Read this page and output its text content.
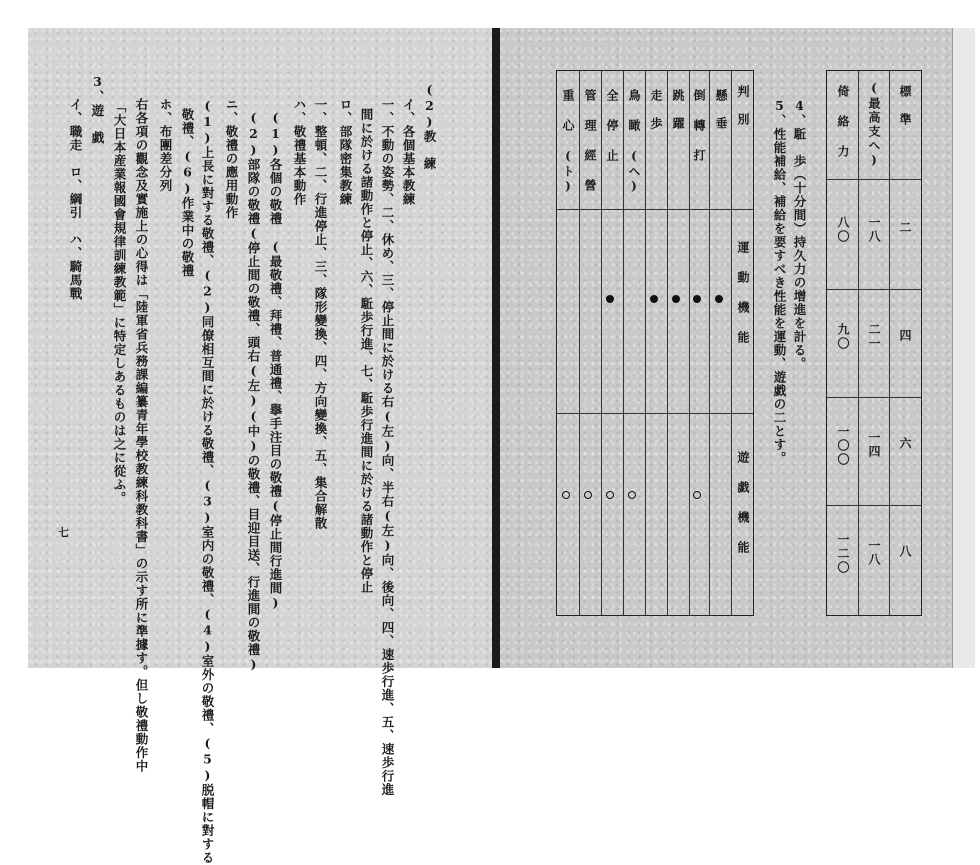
(2)教　練
イ、各個基本教練
一、不動の姿勢、二、休め、三、停止間に於ける右(左)向、半右(左)向、後向、四、速歩行進、五、速歩行進
間に於ける諸動作と停止、六、駈歩行進、七、駈歩行進間に於ける諸動作と停止
ロ、部隊密集教練
一、整頓、二、行進停止、三、隊形變換、四、方向變換、五、集合解散
ハ、敬禮基本動作
(1)各個の敬禮　(最敬禮、拜禮、普通禮、擧手注目の敬禮(停止間行進間)
(2)部隊の敬禮(停止間の敬禮、頭右(左)(中)の敬禮、目迎目送、行進間の敬禮)
ニ、敬禮の應用動作
(1)上長に對する敬禮、(2)同僚相互間に於ける敬禮、(3)室内の敬禮、(4)室外の敬禮、(5)脱帽に對する
敬禮、(6)作業中の敬禮
ホ、布團差分列
右各項の觀念及實施上の心得は「陸軍省兵務課編纂青年學校教練科教科書」の示す所に準據す。但し敬禮動作中
「大日本産業報國會規律訓練教範」に特定しあるものは之に從ふ。
3、
遊　戯
イ、職走　ロ、綱引　ハ、騎馬戰
七
判　別
運 動 機 能
遊 戯 機 能
懸　垂
倒 轉 打
跳　躍
走　歩
鳥 瞰 (へ)
全 停 止
管 理 經 營
重 心 (ト)	4、駈　歩（十分間）持久力の增進を計る。
5、性能補給、補給を要すべき性能を運動、遊戯の二とす。	標　準
(最高支へ)
倚 絡 力
二
一八
八〇
四
二一
九〇
六
一四
一〇〇
八
一八
一二〇
